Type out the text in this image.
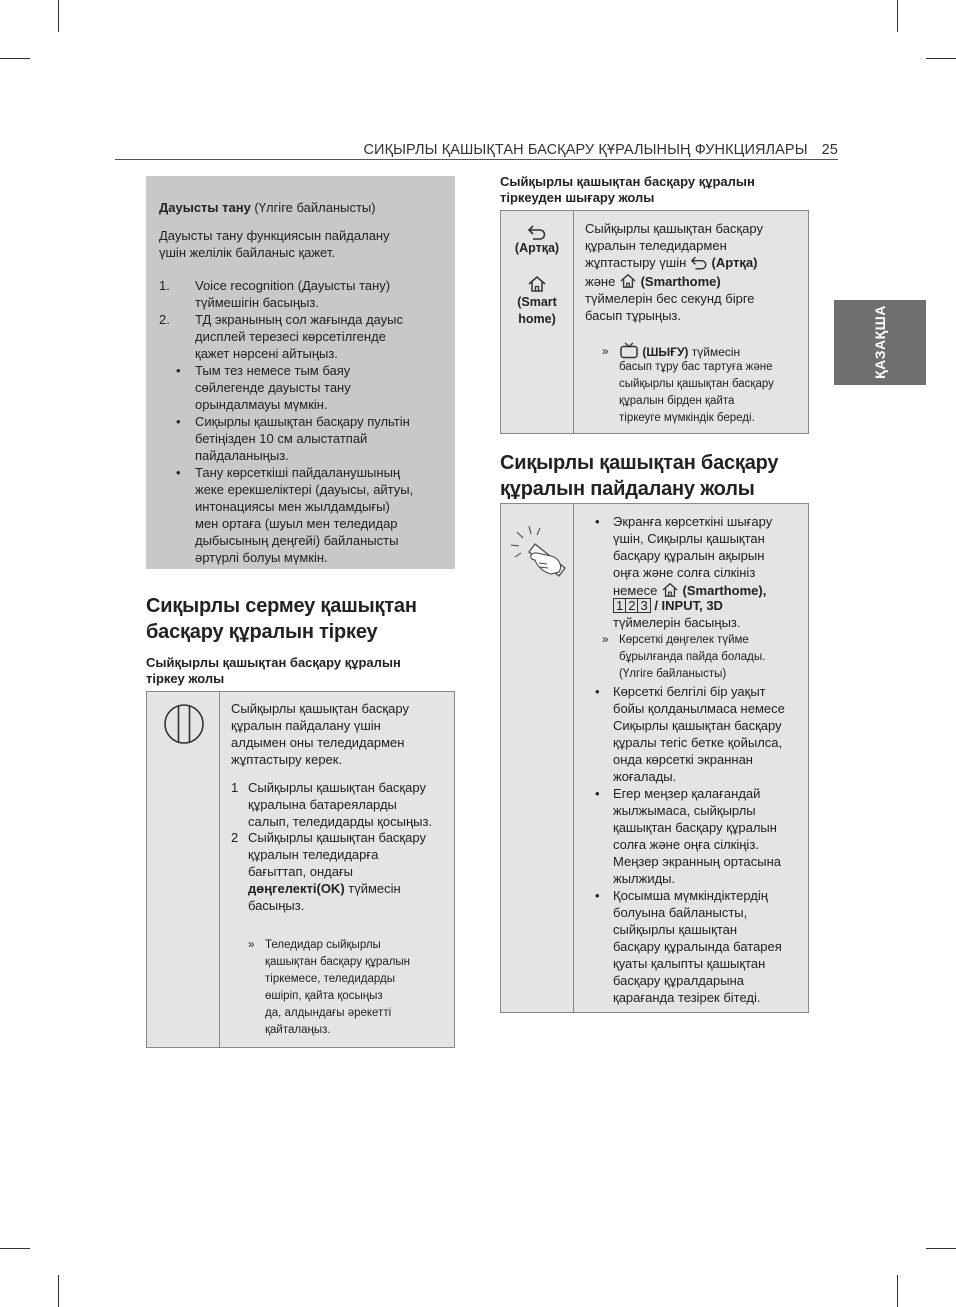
СИҚЫРЛЫ ҚАШЫҚТАН БАСҚАРУ ҚҰРАЛЫНЫҢ ФУНКЦИЯЛАРЫ 25
ҚАЗАҚША
Дауысты тану (Үлгіге байланысты)
Дауысты тану функциясын пайдалану
үшін желілік байланыс қажет.
1. Voice recognition (Дауысты тану)
түймешігін басыңыз.
2. ТД экранының сол жағында дауыс
дисплей терезесі көрсетілгенде
қажет нәрсені айтыңыз.
• Тым тез немесе тым баяу
сөйлегенде дауысты тану
орындалмауы мүмкін.
• Сиқырлы қашықтан басқару пультін
бетіңізден 10 см алыстатпай
пайдаланыңыз.
• Тану көрсеткіші пайдаланушының
жеке ерекшеліктері (дауысы, айтуы,
интонациясы мен жылдамдығы)
мен ортаға (шуыл мен теледидар
дыбысының деңгейі) байланысты
әртүрлі болуы мүмкін.
Сиқырлы сермеу қашықтан
басқару құралын тіркеу
Сыйқырлы қашықтан басқару құралын
тіркеу жолы
Сыйқырлы қашықтан басқару
құралын пайдалану үшін
алдымен оны теледидармен
жұптастыру керек.
1 Сыйқырлы қашықтан басқару
құралына батареяларды
салып, теледидарды қосыңыз.
2 Сыйқырлы қашықтан басқару
құралын теледидарға
бағыттап, ондағы
дөңгелекті(OK) түймесін
басыңыз.
» Теледидар сыйқырлы
қашықтан басқару құралын
тіркемесе, теледидарды
өшіріп, қайта қосыңыз
да, алдындағы әрекетті
қайталаңыз.
Сыйқырлы қашықтан басқару құралын
тіркеуден шығару жолы
(Артқа)
(Smart
home)
Сыйқырлы қашықтан басқару
құралын теледидармен
жұптастыру үшін  (Артқа)
және  (Smarthome)
түймелерін бес секунд бірге
басып тұрыңыз.
»	(ШЫҒУ) түймесін
басып тұру бас тартуға және
сыйқырлы қашықтан басқару
құралын бірден қайта
тіркеуге мүмкіндік береді.
Сиқырлы қашықтан басқару
құралын пайдалану жолы
• Экранға көрсеткіні шығару
үшін, Сиқырлы қашықтан
басқару құралын ақырын
оңға және солға сілкініз
немесе  (Smarthome),
1 2 3 / INPUT, 3D
түймелерін басыңыз.
» Көрсеткі дөңгелек түйме
бұрылғанда пайда болады.
(Үлгіге байланысты)
• Көрсеткі белгілі бір уақыт
бойы қолданылмаса немесе
Сиқырлы қашықтан басқару
құралы тегіс бетке қойылса,
онда көрсеткі экраннан
жоғалады.
• Егер меңзер қалағандай
жылжымаса, сыйқырлы
қашықтан басқару құралын
солға және оңға сілкіңіз.
Меңзер экранның ортасына
жылжиды.
• Қосымша мүмкіндіктердің
болуына байланысты,
сыйқырлы қашықтан
басқару құралында батарея
қуаты қалыпты қашықтан
басқару құралдарына
қарағанда тезірек бітеді.
